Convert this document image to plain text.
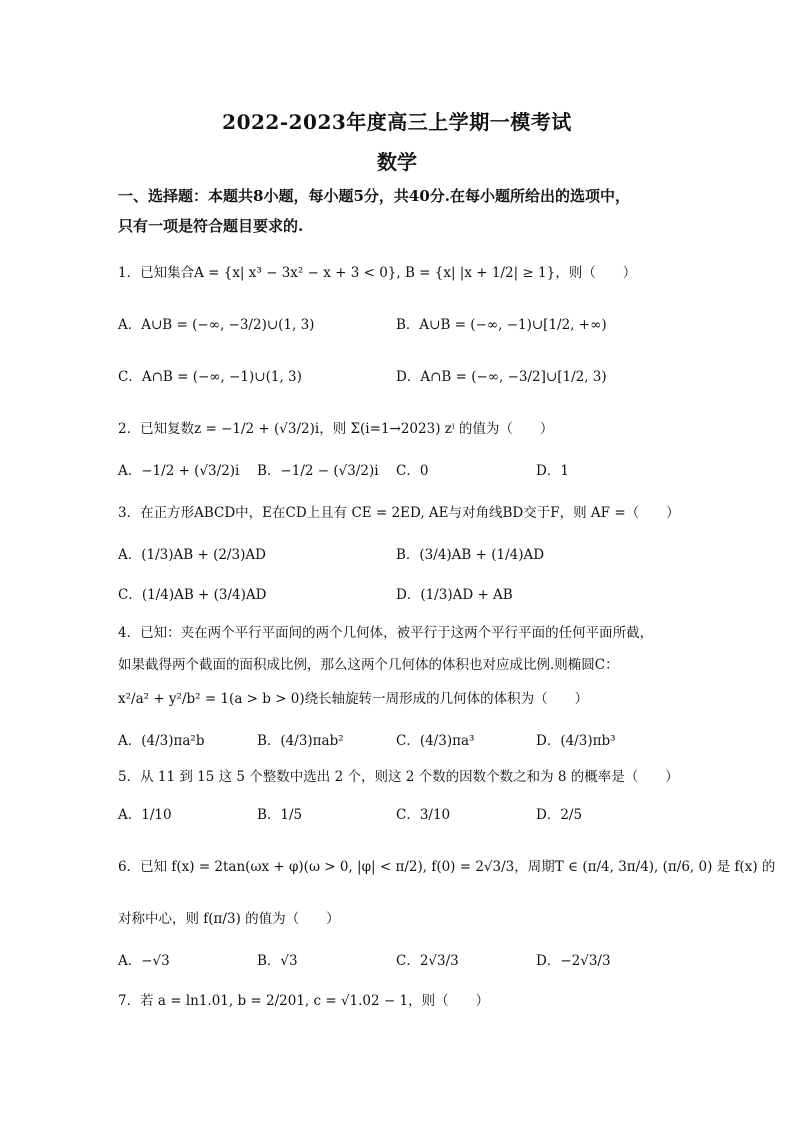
2022-2023年度高三上学期一模考试
数学
一、选择题：本题共8小题，每小题5分，共40分.在每小题所给出的选项中，
只有一项是符合题目要求的.
1．已知集合A = {x| x³ − 3x² − x + 3 < 0}, B = {x| |x + 1/2| ≥ 1}，则（　　）
A．A∪B = (−∞, −3/2)∪(1, 3)	B．A∪B = (−∞, −1)∪[1/2, +∞)
C．A∩B = (−∞, −1)∪(1, 3)	D．A∩B = (−∞, −3/2]∪[1/2, 3)
2．已知复数z = −1/2 + (√3/2)i，则 Σ(i=1→2023) zⁱ 的值为（　　）
A．−1/2 + (√3/2)i B．−1/2 − (√3/2)i C．0	D．1
3．在正方形ABCD中，E在CD上且有 CE = 2ED, AE与对角线BD交于F，则 AF =（　　）
A．(1/3)AB + (2/3)AD	B．(3/4)AB + (1/4)AD
C．(1/4)AB + (3/4)AD	D．(1/3)AD + AB
4．已知：夹在两个平行平面间的两个几何体，被平行于这两个平行平面的任何平面所截，
如果截得两个截面的面积成比例，那么这两个几何体的体积也对应成比例.则椭圆C：
x²/a² + y²/b² = 1(a > b > 0)绕长轴旋转一周形成的几何体的体积为（　　）
A．(4/3)πa²b	B．(4/3)πab²	C．(4/3)πa³	D．(4/3)πb³
5．从 11 到 15 这 5 个整数中选出 2 个，则这 2 个数的因数个数之和为 8 的概率是（　　）
A．1/10	B．1/5	C．3/10	D．2/5
6．已知 f(x) = 2tan(ωx + φ)(ω > 0, |φ| < π/2), f(0) = 2√3/3，周期T ∈ (π/4, 3π/4), (π/6, 0) 是 f(x) 的
对称中心，则 f(π/3) 的值为（　　）
A．−√3	B．√3	C．2√3/3	D．−2√3/3
7．若 a = ln1.01, b = 2/201, c = √1.02 − 1，则（　　）
